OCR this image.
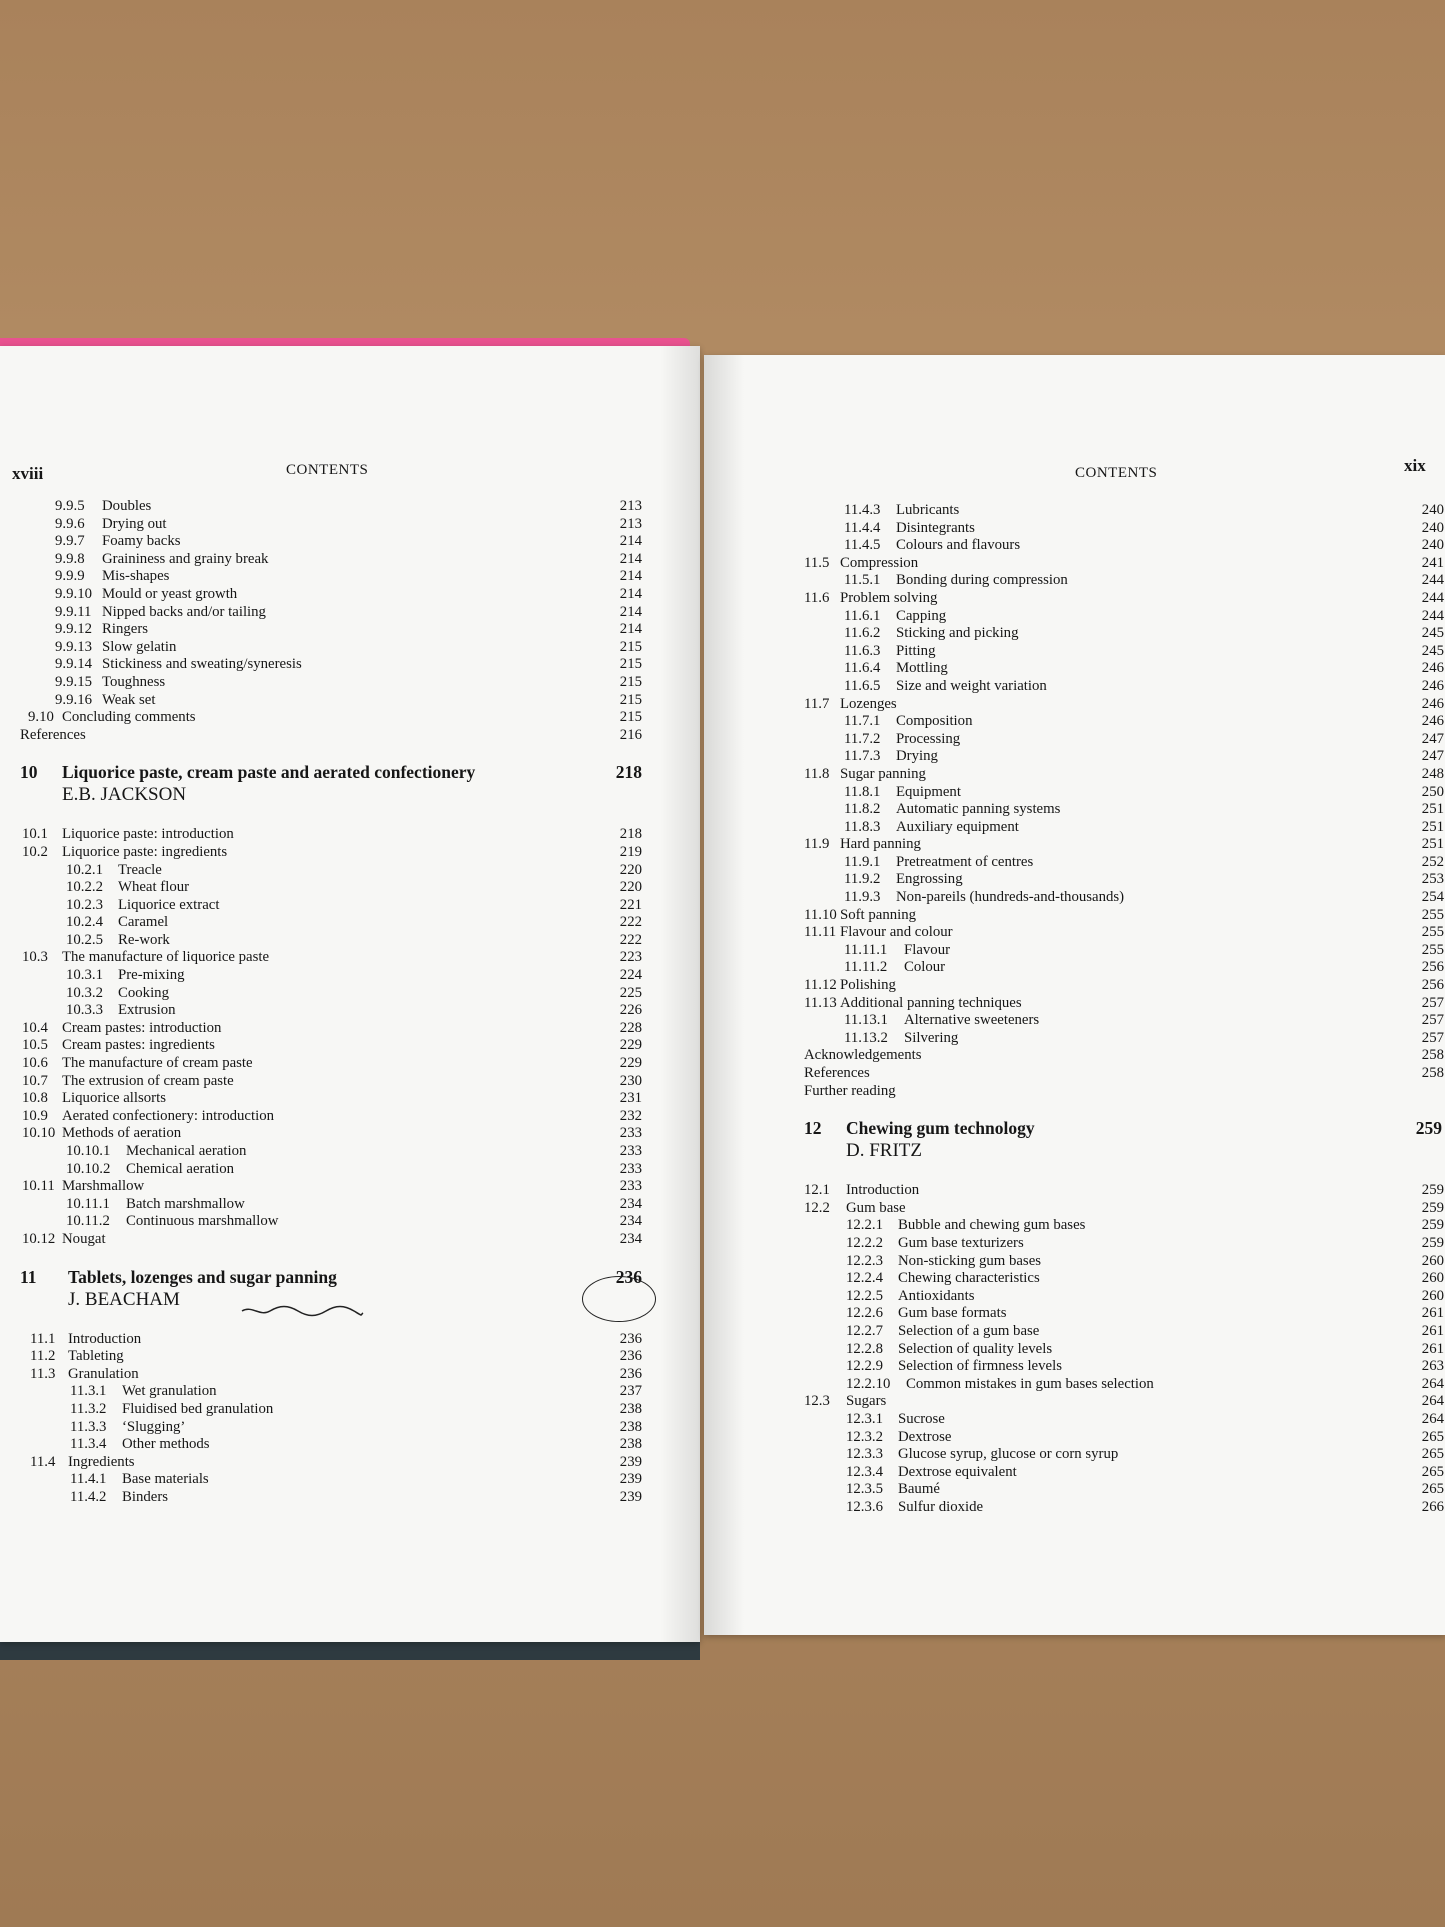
xviii	CONTENTS
9.9.5 Doubles	213
9.9.6 Drying out	213
9.9.7 Foamy backs	214
9.9.8 Graininess and grainy break	214
9.9.9 Mis-shapes	214
9.9.10 Mould or yeast growth	214
9.9.11 Nipped backs and/or tailing	214
9.9.12 Ringers	214
9.9.13 Slow gelatin	215
9.9.14 Stickiness and sweating/syneresis	215
9.9.15 Toughness	215
9.9.16 Weak set	215
9.10 Concluding comments	215
References	216
10 Liquorice paste, cream paste and aerated confectionery	218
E.B. JACKSON
10.1 Liquorice paste: introduction	218
10.2 Liquorice paste: ingredients	219
10.2.1 Treacle	220
10.2.2 Wheat flour	220
10.2.3 Liquorice extract	221
10.2.4 Caramel	222
10.2.5 Re-work	222
10.3 The manufacture of liquorice paste	223
10.3.1 Pre-mixing	224
10.3.2 Cooking	225
10.3.3 Extrusion	226
10.4 Cream pastes: introduction	228
10.5 Cream pastes: ingredients	229
10.6 The manufacture of cream paste	229
10.7 The extrusion of cream paste	230
10.8 Liquorice allsorts	231
10.9 Aerated confectionery: introduction	232
10.10 Methods of aeration	233
10.10.1 Mechanical aeration	233
10.10.2 Chemical aeration	233
10.11 Marshmallow	233
10.11.1 Batch marshmallow	234
10.11.2 Continuous marshmallow	234
10.12 Nougat	234
11 Tablets, lozenges and sugar panning	236
J. BEACHAM
11.1 Introduction	236
11.2 Tableting	236
11.3 Granulation	236
11.3.1 Wet granulation	237
11.3.2 Fluidised bed granulation	238
11.3.3 ‘Slugging’	238
11.3.4 Other methods	238
11.4 Ingredients	239
11.4.1 Base materials	239
11.4.2 Binders	239
CONTENTS	xix
11.4.3 Lubricants	240
11.4.4 Disintegrants	240
11.4.5 Colours and flavours	240
11.5 Compression	241
11.5.1 Bonding during compression	244
11.6 Problem solving	244
11.6.1 Capping	244
11.6.2 Sticking and picking	245
11.6.3 Pitting	245
11.6.4 Mottling	246
11.6.5 Size and weight variation	246
11.7 Lozenges	246
11.7.1 Composition	246
11.7.2 Processing	247
11.7.3 Drying	247
11.8 Sugar panning	248
11.8.1 Equipment	250
11.8.2 Automatic panning systems	251
11.8.3 Auxiliary equipment	251
11.9 Hard panning	251
11.9.1 Pretreatment of centres	252
11.9.2 Engrossing	253
11.9.3 Non-pareils (hundreds-and-thousands)	254
11.10 Soft panning	255
11.11 Flavour and colour	255
11.11.1 Flavour	255
11.11.2 Colour	256
11.12 Polishing	256
11.13 Additional panning techniques	257
11.13.1 Alternative sweeteners	257
11.13.2 Silvering	257
Acknowledgements	258
References	258
Further reading
12 Chewing gum technology	259
D. FRITZ
12.1 Introduction	259
12.2 Gum base	259
12.2.1 Bubble and chewing gum bases	259
12.2.2 Gum base texturizers	259
12.2.3 Non-sticking gum bases	260
12.2.4 Chewing characteristics	260
12.2.5 Antioxidants	260
12.2.6 Gum base formats	261
12.2.7 Selection of a gum base	261
12.2.8 Selection of quality levels	261
12.2.9 Selection of firmness levels	263
12.2.10 Common mistakes in gum bases selection	264
12.3 Sugars	264
12.3.1 Sucrose	264
12.3.2 Dextrose	265
12.3.3 Glucose syrup, glucose or corn syrup	265
12.3.4 Dextrose equivalent	265
12.3.5 Baumé	265
12.3.6 Sulfur dioxide	266
